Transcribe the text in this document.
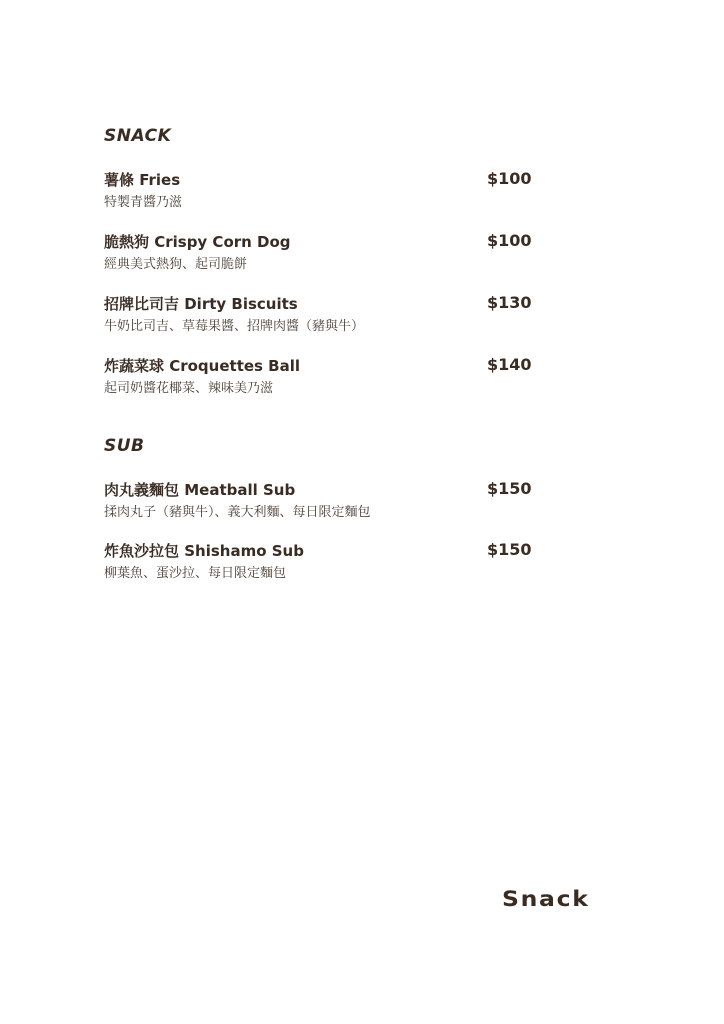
SNACK
薯條 Fries	$100
特製青醬乃滋
脆熱狗 Crispy Corn Dog	$100
經典美式熱狗、起司脆餅
招牌比司吉 Dirty Biscuits	$130
牛奶比司吉、草莓果醬、招牌肉醬（豬與牛）
炸蔬菜球 Croquettes Ball	$140
起司奶醬花椰菜、辣味美乃滋
SUB
肉丸義麵包 Meatball Sub	$150
揉肉丸子（豬與牛）、義大利麵、每日限定麵包
炸魚沙拉包 Shishamo Sub	$150
柳葉魚、蛋沙拉、每日限定麵包
Snack
